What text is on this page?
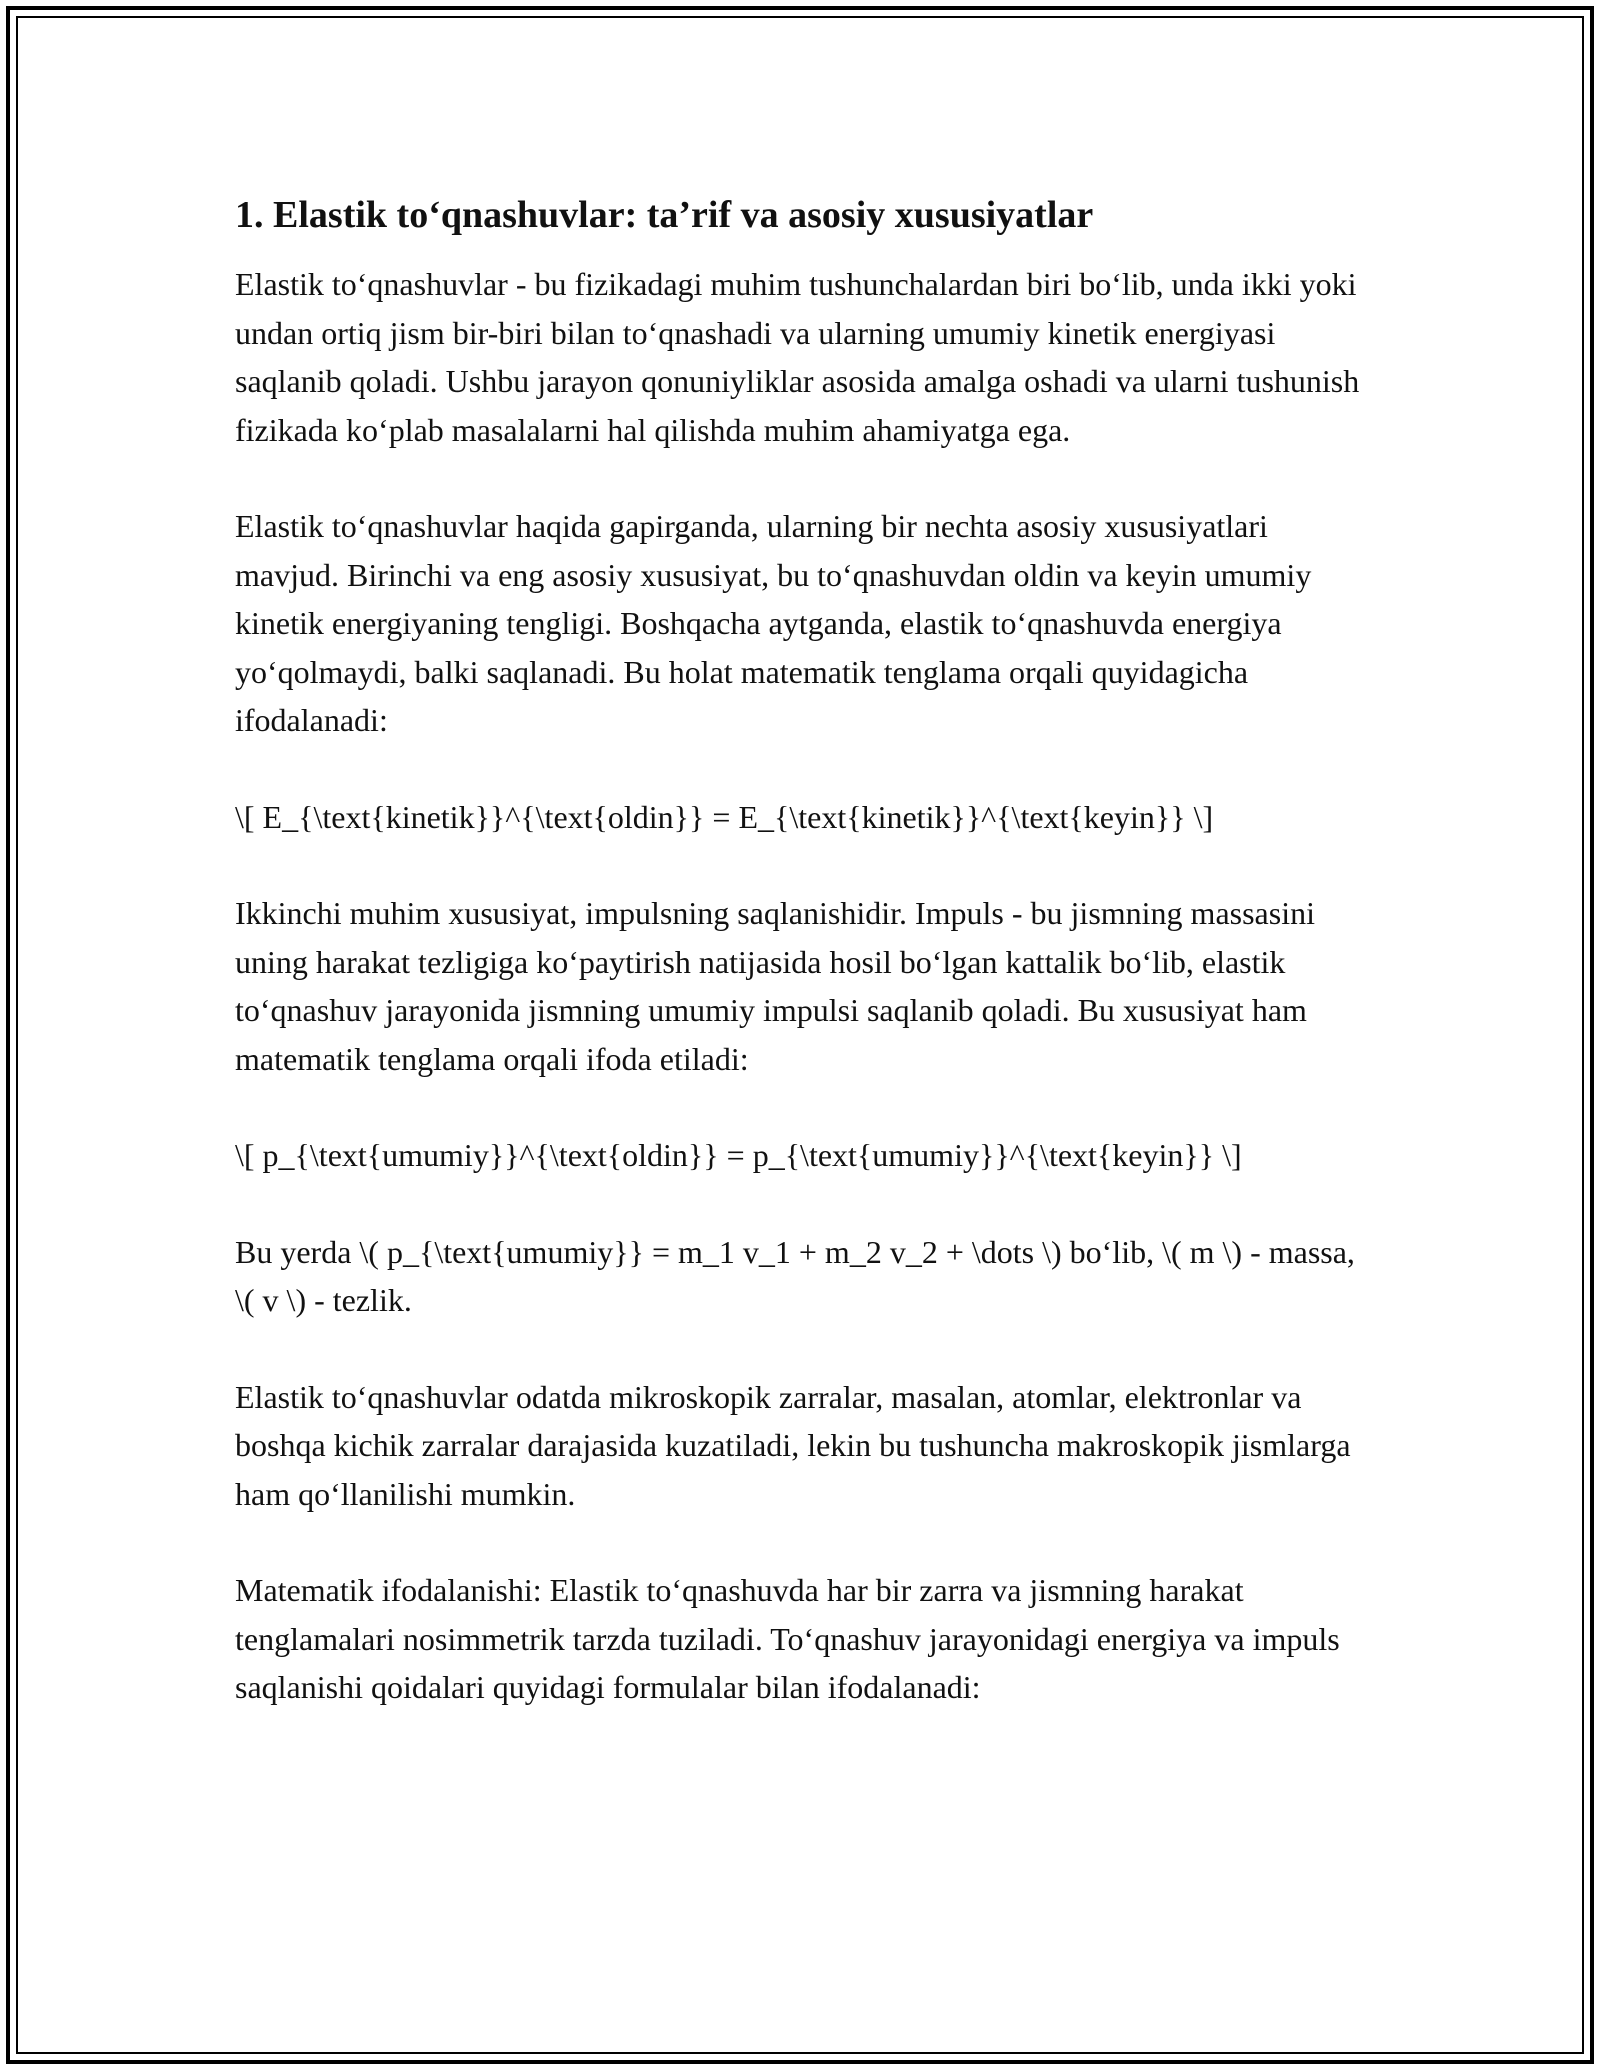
1. Elastik to‘qnashuvlar: ta’rif va asosiy xususiyatlar

Elastik to‘qnashuvlar - bu fizikadagi muhim tushunchalardan biri bo‘lib, unda ikki yoki undan ortiq jism bir-biri bilan to‘qnashadi va ularning umumiy kinetik energiyasi saqlanib qoladi. Ushbu jarayon qonuniyliklar asosida amalga oshadi va ularni tushunish fizikada ko‘plab masalalarni hal qilishda muhim ahamiyatga ega.

Elastik to‘qnashuvlar haqida gapirganda, ularning bir nechta asosiy xususiyatlari mavjud. Birinchi va eng asosiy xususiyat, bu to‘qnashuvdan oldin va keyin umumiy kinetik energiyaning tengligi. Boshqacha aytganda, elastik to‘qnashuvda energiya yo‘qolmaydi, balki saqlanadi. Bu holat matematik tenglama orqali quyidagicha ifodalanadi:

\[ E_{\text{kinetik}}^{\text{oldin}} = E_{\text{kinetik}}^{\text{keyin}} \]

Ikkinchi muhim xususiyat, impulsning saqlanishidir. Impuls - bu jismning massasini uning harakat tezligiga ko‘paytirish natijasida hosil bo‘lgan kattalik bo‘lib, elastik to‘qnashuv jarayonida jismning umumiy impulsi saqlanib qoladi. Bu xususiyat ham matematik tenglama orqali ifoda etiladi:

\[ p_{\text{umumiy}}^{\text{oldin}} = p_{\text{umumiy}}^{\text{keyin}} \]

Bu yerda \( p_{\text{umumiy}} = m_1 v_1 + m_2 v_2 + \dots \) bo‘lib, \( m \) - massa, \( v \) - tezlik.

Elastik to‘qnashuvlar odatda mikroskopik zarralar, masalan, atomlar, elektronlar va boshqa kichik zarralar darajasida kuzatiladi, lekin bu tushuncha makroskopik jismlarga ham qo‘llanilishi mumkin.

Matematik ifodalanishi: Elastik to‘qnashuvda har bir zarra va jismning harakat tenglamalari nosimmetrik tarzda tuziladi. To‘qnashuv jarayonidagi energiya va impuls saqlanishi qoidalari quyidagi formulalar bilan ifodalanadi:
